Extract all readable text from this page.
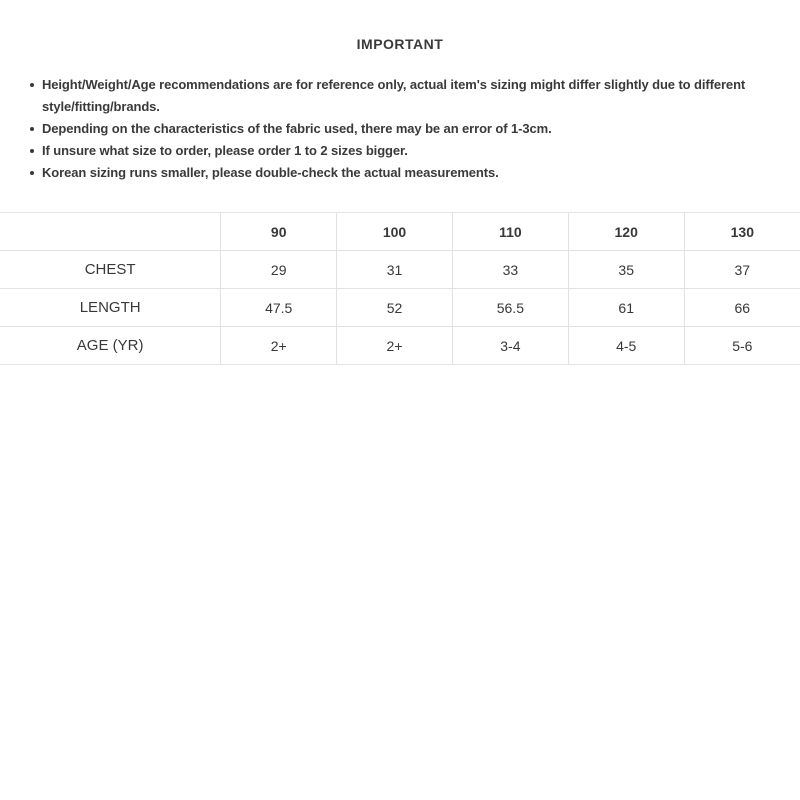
IMPORTANT
Height/Weight/Age recommendations are for reference only, actual item's sizing might differ slightly due to different style/fitting/brands.
Depending on the characteristics of the fabric used, there may be an error of 1-3cm.
If unsure what size to order, please order 1 to 2 sizes bigger.
Korean sizing runs smaller, please double-check the actual measurements.
	90	100	110	120	130
CHEST	29	31	33	35	37
LENGTH	47.5	52	56.5	61	66
AGE (YR)	2+	2+	3-4	4-5	5-6
